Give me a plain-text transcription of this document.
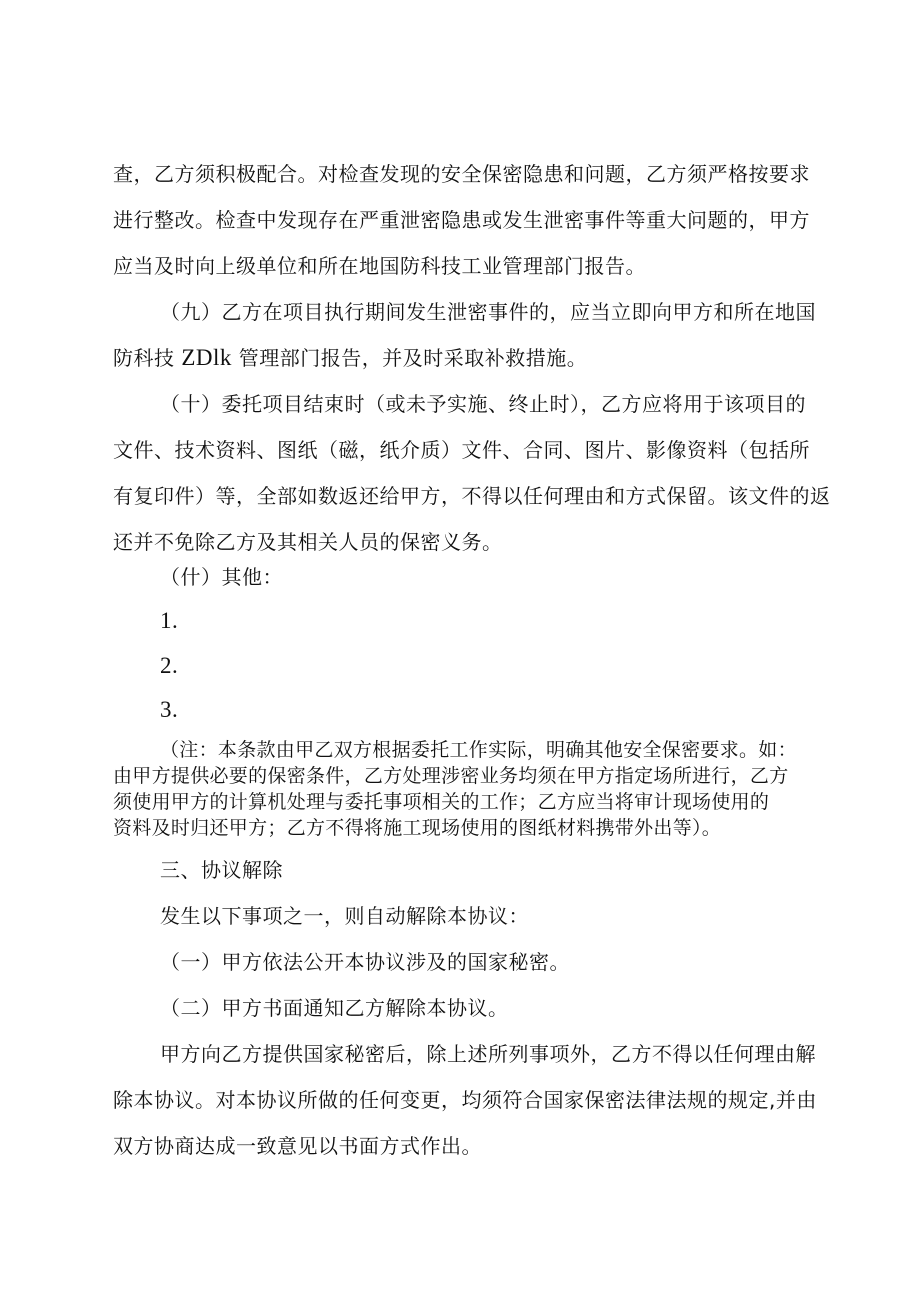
查，乙方须积极配合。对检查发现的安全保密隐患和问题，乙方须严格按要求

进行整改。检查中发现存在严重泄密隐患或发生泄密事件等重大问题的，甲方

应当及时向上级单位和所在地国防科技工业管理部门报告。

（九）乙方在项目执行期间发生泄密事件的，应当立即向甲方和所在地国

防科技 ZDlk 管理部门报告，并及时采取补救措施。

（十）委托项目结束时（或未予实施、终止时），乙方应将用于该项目的

文件、技术资料、图纸（磁，纸介质）文件、合同、图片、影像资料（包括所

有复印件）等，全部如数返还给甲方，不得以任何理由和方式保留。该文件的返

还并不免除乙方及其相关人员的保密义务。

（什）其他：

1.

2.

3.

（注：本条款由甲乙双方根据委托工作实际，明确其他安全保密要求。如：

由甲方提供必要的保密条件，乙方处理涉密业务均须在甲方指定场所进行，乙方

须使用甲方的计算机处理与委托事项相关的工作；乙方应当将审计现场使用的

资料及时归还甲方；乙方不得将施工现场使用的图纸材料携带外出等）。

三、协议解除

发生以下事项之一，则自动解除本协议：

（一）甲方依法公开本协议涉及的国家秘密。

（二）甲方书面通知乙方解除本协议。

甲方向乙方提供国家秘密后，除上述所列事项外，乙方不得以任何理由解

除本协议。对本协议所做的任何变更，均须符合国家保密法律法规的规定,并由

双方协商达成一致意见以书面方式作出。
